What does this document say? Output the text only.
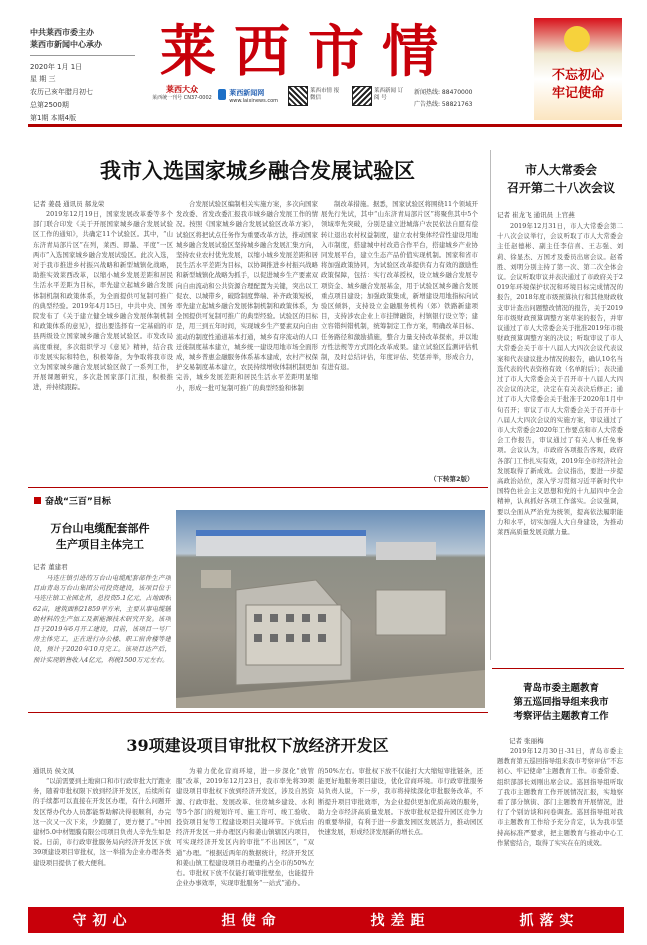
中共莱西市委主办
莱西市新闻中心承办
2020年 1月 1日
星 期 三
农历己亥年腊月初七
总第2500期
第1期 本期4版
莱西市情
莱西大众
莱西统一刊号 CN37-0002
莱西新闻网
www.laixinews.com
莱西市情 报 微信
莱西新闻 订 阅 号
新闻热线: 88470000
广告热线: 58821763
不忘初心
牢记使命
我市入选国家城乡融合发展试验区
记者 姜晨 通讯员 郝龙荣
2019年12月19日，国家发展改革委等多个部门联合印发《关于开展国家城乡融合发展试验区工作的通知》，共确定11个试验区。其中，“山东济青局部片区”在列，莱西、即墨、平度“一区两市”入选国家城乡融合发展试验区。此次入选，对于我市推进乡村振兴战略和新型城镇化战略，助推实效莱西改革，以缩小城乡发展差距和居民生活水平差距为目标，率先建立起城乡融合发展体制机制和政策体系，为全面提供可复制可推广的典型经验。2019年4月15日，中共中央、国务院发布了《关于建立健全城乡融合发展体制机制和政策体系的意见》，提出要选择有一定基础的市县两级设立国家城乡融合发展试验区。市发改局高度重视，多次组织学习《意见》精神，结合我市发展实际和特色，积极筹备，为争取将我市设立为国家城乡融合发展试验区做了一系列工作，开展课题研究，多次赴国家部门汇报，积极推进，并持续跟踪。
合发展试验区编制相关实施方案，多次向国家发改委、省发改委汇报我市城乡融合发展工作的情况。按照《国家城乡融合发展试验区改革方案》，试验区将把试点任务作为重要改革方法，推动国家城乡融合发展试验区坚持城乡融合发展汇集方向，坚持农业农村优先发展，以缩小城乡发展差距和居民生活水平差距为目标，以协调推进乡村振兴战略和新型城镇化战略为抓手，以促进城乡生产要素双向自由流动和公共资源合理配置为关键，突出以工促农、以城带乡，破除制度弊端、补齐政策短板，率先建立起城乡融合发展体制机制和政策体系，为全国提供可复制可推广的典型经验。试验区的目标是，用三到五年时间，实现城乡生产要素双向自由流动的制度性通道基本打通，城乡有序流动的人口迁徙制度基本建立，城乡统一建设用地市场全面形成，城乡普惠金融服务体系基本建成，农村产权保护交易制度基本建立，农民持续增收体制机制更加完善，城乡发展差距和居民生活水平差距明显缩小，形成一批可复制可推广的典型经验和体制
制改革措施。据悉，国家试验区将围绕11个领域开展先行先试，其中“山东济青局部片区”将聚焦其中5个领域率先突破，分别是建立进城落户农民依法自愿有偿转让退出农村权益制度，建立农村集体经营性建设用地入市制度，搭建城中村改造合作平台，搭建城乡产业协同发展平台，建立生态产品价值实现机制。国家和省市将加强政策协同，为试验区改革提供有力有效的激励性政策保障，包括：实行改革授权，设立城乡融合发展专项资金、城乡融合发展基金，用于试验区城乡融合发展重点项目建设；加强政策集成，新增建设用地指标向试验区倾斜，支持设立金融服务机构（郊）铁路新建项目，支持涉农企业上市挂牌融资，村镇银行设立等；建立容错纠错机制，统筹制定工作方案，明确改革目标、任务路径和激励措施，整合力量支持改革探索，并以地方性法规等方式固化改革成果。建立试验区监测评估机制，及时总结评估，年度评估、奖惩并举，形成合力，有进有退。
（下转第2版）
市人大常委会
召开第二十八次会议
记者 崔龙飞 通讯员 上官燕
2019年12月31日，市人大常委会第二十八次会议举行，会议听取了市人大常委会主任赵德彬、副主任李信喜、王志强、刘莉、徐显杰、万国才及委员出席会议。赵希胜、刘明分别主持了第一次、第二次全体会议。会议听取审议并表决通过了市政府关于2019年环境保护状况和环境目标完成情况的报告，2018年度市级预算执行和其他财政收支审计查出问题整改情况的报告，关于2019年市级财政预算调整方案草案的报告，并审议通过了市人大常委会关于批准2019年市级财政预算调整方案的决议；听取审议了市人大常委会关于市十八届人大四次会议代表议案和代表建议批办情况的报告，确认10名当选代表的代表资格有效（名单附后）；表决通过了市人大常委会关于召开市十八届人大四次会议的决定，决定在有关表决后修正；通过了市人大常委会关于批准于2020年1月中旬召开；审议了市人大常委会关于召开市十八届人大四次会议的实施方案，审议通过了市人大常委会2020年工作要点和市人大常委会工作报告，审议通过了有关人事任免事项。会议认为，市政府各项报告客观，政府各部门工作扎实有效，2019年全市经济社会发展取得了新成效。会议指出，要进一步提高政治站位，深入学习贯彻习近平新时代中国特色社会主义思想和党的十九届四中全会精神，认真抓好各项工作落实。会议强调，要以全面从严治党为统领，提高依法履职能力和水平，切实加强人大自身建设，为推动莱西高质量发展贡献力量。
奋战“三百”目标
万台山电缆配套部件
生产项目主体完工
记者 董建君
马连庄镇引进的万台山电缆配套部件生产项目由青岛万台山集团公司投资建设，该项目位于马连庄镇工业园北首，总投资5.1亿元，占地面积62亩，建筑面积21859平方米，主要从事电缆辅助材料的生产加工及新能源技术研究开发。该项目于2019年6月开工建设，目前，该项目一号厂房主体完工，正在进行办公楼、职工宿舍楼等建设，预计于2020年10月完工。该项目达产后，预计实现销售收入4亿元，利税1500万元左右。
39项建设项目审批权下放经济开发区
通讯员 侯文凤
“以前需要到土地窗口和市行政审批大厅跑业务，随着审批权限下放到经济开发区，后续所有的手续都可以直接在开发区办理，有什么问题开发区帮办代办人员都能帮助解决得很顺利，办完这一次又一次下来，少跑腿了，更方便了。”中国建材5.0中材锂膜有限公司项目负责人辛先生如是说。日前，市行政审批服务局向经济开发区下放39项建设项目审批权，这一举措为企业办理各类建设项目提供了极大便利。
为着力优化营商环境，进一步深化“放管服”改革，2019年12月23日，我市率先将39项建设项目审批权下放到经济开发区，涉及自然资源、行政审批、发展改革、住房城乡建设、水利等5个部门的规划许可、施工许可、竣工验收、投资项目复等工程建设项目关键环节。下放后由经济开发区一并办理区内和姜山镇辖区内项目，可实现经济开发区内的审批“不出园区”，“双通”办理。“根据近两年的数据统计，经济开发区和姜山镇工程建设项目办理量约占全市的50%左右。审批权下放不仅能打破审批壁垒，也能提升企业办事效率，实现审批服务“一站式”通办。
的50%左右。审批权下放不仅能打大大缩短审批链条，还能更好地服务项目建设，优化营商环境。市行政审批服务局负责人说，下一步，我市将持续深化审批服务改革，不断提升项目审批效率，为企业提供更加优质高效的服务，助力全市经济高质量发展。下放审批权是提升园区竞争力的重要举措，有利于进一步激发园区发展活力，推动园区快速发展，形成经济发展新的增长点。
青岛市委主题教育
第五巡回指导组来我市
考察评估主题教育工作
记者 张丽梅
2019年12月30日-31日，青岛市委主题教育第五巡回指导组来我市考察评估“不忘初心、牢记使命”主题教育工作。市委常委、组织部部长刘刚出席会议。巡回指导组听取了我市主题教育工作开展情况汇报，实地察看了部分镇街、部门主题教育开展情况，进行了个别访谈和问卷调查。巡回指导组对我市主题教育工作给予充分肯定，认为我市坚持高标准严要求，把主题教育与推动中心工作紧密结合，取得了实实在在的成效。
守初心	担使命	找差距	抓落实
